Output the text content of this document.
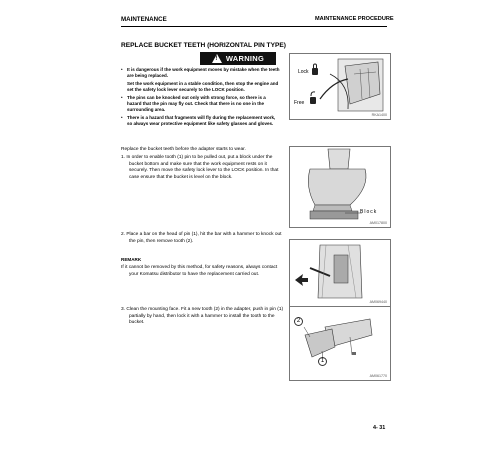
MAINTENANCE	MAINTENANCE PROCEDURE
REPLACE BUCKET TEETH (HORIZONTAL PIN TYPE)
! WARNING

• It is dangerous if the work equipment moves by mistake when the teeth are being replaced.

Set the work equipment in a stable condition, then stop the engine and set the safety lock lever securely to the LOCK position.

• The pins can be knocked out only with strong force, so there is a hazard that the pin may fly out. Check that there is no one in the surrounding area.

• There is a hazard that fragments will fly during the replacement work, so always wear protective equipment like safety glasses and gloves.

Lock
Free
RKA1400

Replace the bucket teeth before the adapter starts to wear.

1. In order to enable tooth (1) pin to be pulled out, put a block under the bucket bottom and make sure that the work equipment rests on it securely. Then move the safety lock lever to the LOCK position. In that case ensure that the bucket is level on the block.

Block
AM017800

2. Place a bar on the head of pin (1), hit the bar with a hammer to knock out the pin, then remove tooth (2).

REMARK

If it cannot be removed by this method, for safety reasons, always contact your Komatsu distributor to have the replacement carried out.

AM069440

3. Clean the mounting face. Fit a new tooth (2) in the adapter, push in pin (1) partially by hand, then lock it with a hammer to install the tooth to the bucket.	2
1
AM061770
4- 31
